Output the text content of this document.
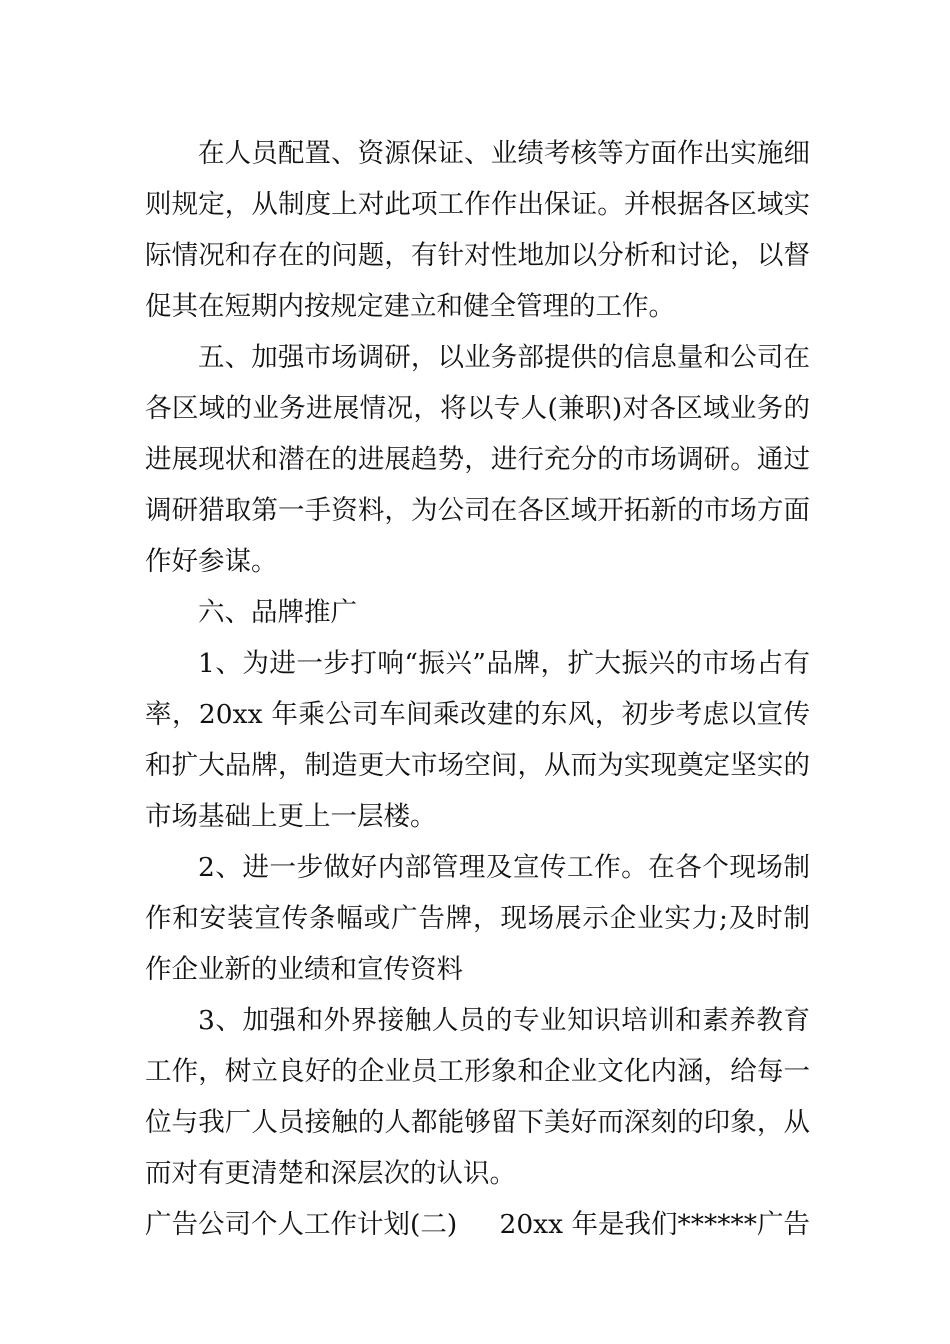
在人员配置、资源保证、业绩考核等方面作出实施细则规定，从制度上对此项工作作出保证。并根据各区域实际情况和存在的问题，有针对性地加以分析和讨论，以督促其在短期内按规定建立和健全管理的工作。

五、加强市场调研，以业务部提供的信息量和公司在各区域的业务进展情况，将以专人(兼职)对各区域业务的进展现状和潜在的进展趋势，进行充分的市场调研。通过调研猎取第一手资料，为公司在各区域开拓新的市场方面作好参谋。

六、品牌推广

1、为进一步打响“振兴”品牌，扩大振兴的市场占有率，20xx 年乘公司车间乘改建的东风，初步考虑以宣传和扩大品牌，制造更大市场空间，从而为实现奠定坚实的市场基础上更上一层楼。

2、进一步做好内部管理及宣传工作。在各个现场制作和安装宣传条幅或广告牌，现场展示企业实力;及时制作企业新的业绩和宣传资料

3、加强和外界接触人员的专业知识培训和素养教育工作，树立良好的企业员工形象和企业文化内涵，给每一位与我厂人员接触的人都能够留下美好而深刻的印象，从而对有更清楚和深层次的认识。

广告公司个人工作计划(二) 20xx 年是我们******广告
